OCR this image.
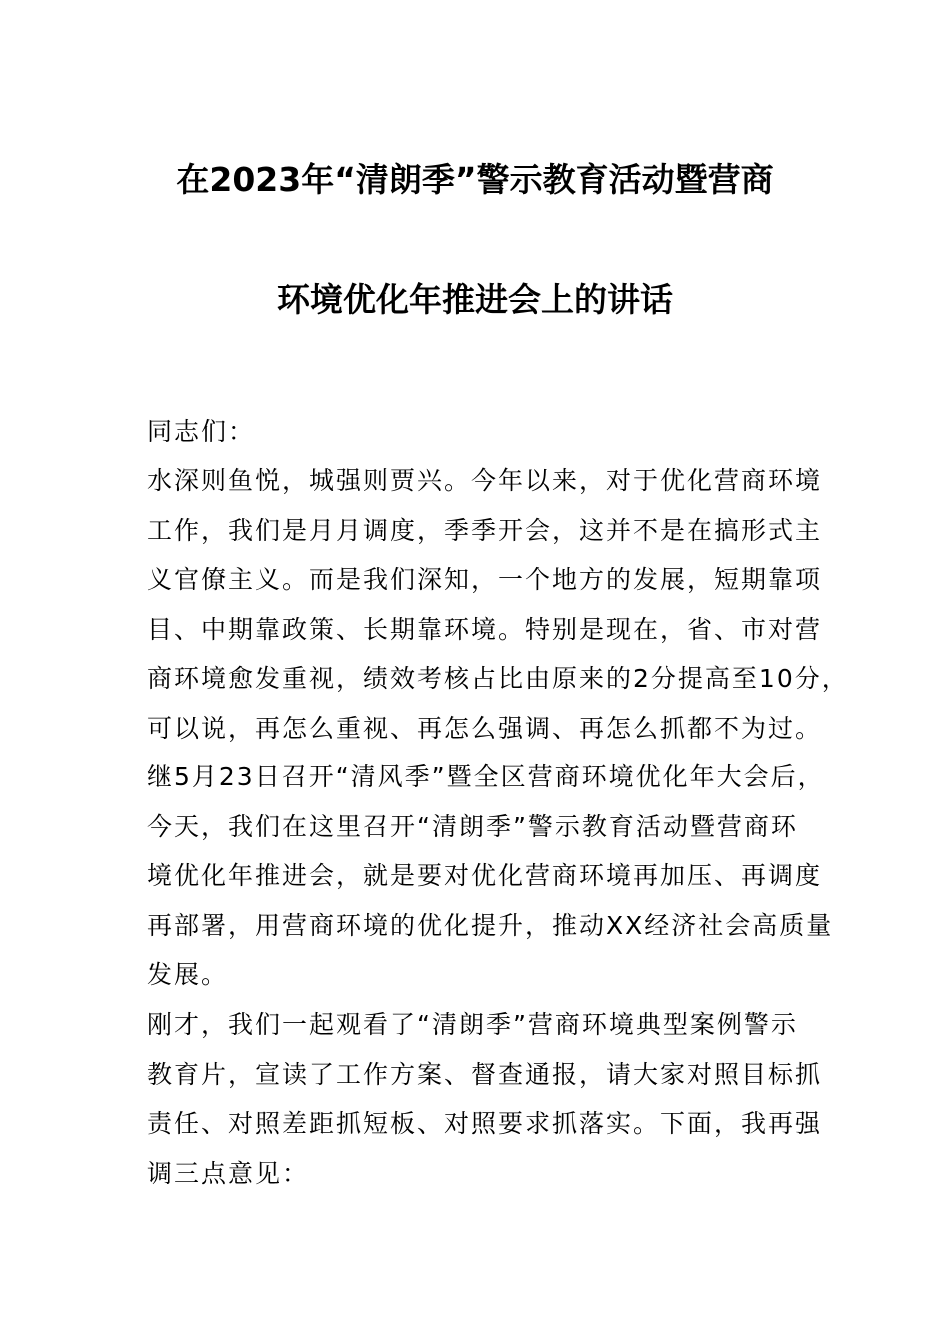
在2023年“清朗季”警示教育活动暨营商
环境优化年推进会上的讲话
同志们：
水深则鱼悦，城强则贾兴。今年以来，对于优化营商环境
工作，我们是月月调度，季季开会，这并不是在搞形式主
义官僚主义。而是我们深知，一个地方的发展，短期靠项
目、中期靠政策、长期靠环境。特别是现在，省、市对营
商环境愈发重视，绩效考核占比由原来的2分提高至10分，
可以说，再怎么重视、再怎么强调、再怎么抓都不为过。
继5月23日召开“清风季”暨全区营商环境优化年大会后，
今天，我们在这里召开“清朗季”警示教育活动暨营商环
境优化年推进会，就是要对优化营商环境再加压、再调度
再部署，用营商环境的优化提升，推动XX经济社会高质量
发展。
刚才，我们一起观看了“清朗季”营商环境典型案例警示
教育片，宣读了工作方案、督查通报，请大家对照目标抓
责任、对照差距抓短板、对照要求抓落实。下面，我再强
调三点意见：
